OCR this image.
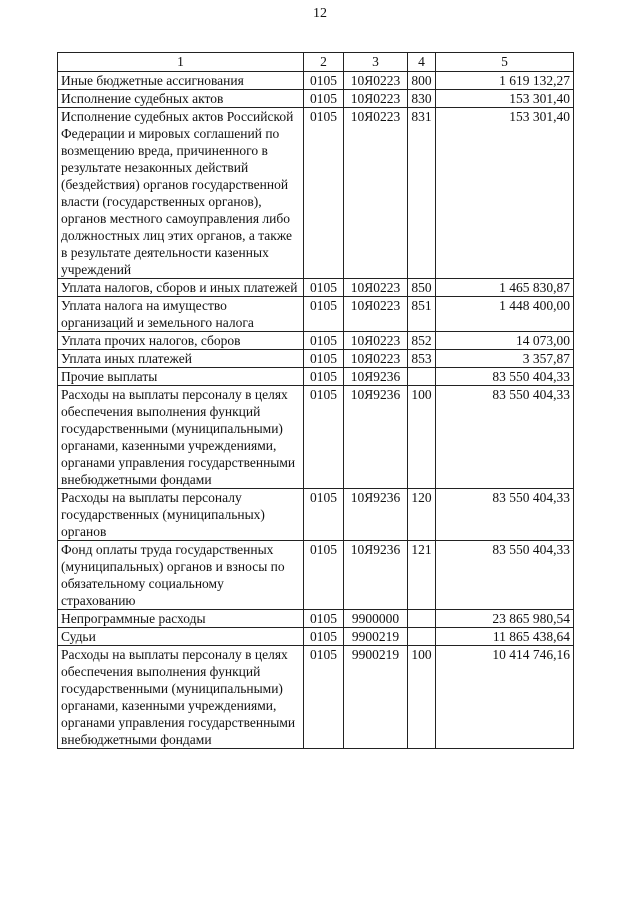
12
1	2	3	4	5
Иные бюджетные ассигнования	0105	10Я0223	800	1 619 132,27
Исполнение судебных актов	0105	10Я0223	830	153 301,40
Исполнение судебных актов Российской Федерации и мировых соглашений по возмещению вреда, причиненного в результате незаконных действий (бездействия) органов государственной власти (государственных органов), органов местного самоуправления либо должностных лиц этих органов, а также в результате деятельности казенных учреждений	0105	10Я0223	831	153 301,40
Уплата налогов, сборов и иных платежей	0105	10Я0223	850	1 465 830,87
Уплата налога на имущество организаций и земельного налога	0105	10Я0223	851	1 448 400,00
Уплата прочих налогов, сборов	0105	10Я0223	852	14 073,00
Уплата иных платежей	0105	10Я0223	853	3 357,87
Прочие выплаты	0105	10Я9236		83 550 404,33
Расходы на выплаты персоналу в целях обеспечения выполнения функций государственными (муниципальными) органами, казенными учреждениями, органами управления государственными внебюджетными фондами	0105	10Я9236	100	83 550 404,33
Расходы на выплаты персоналу государственных (муниципальных) органов	0105	10Я9236	120	83 550 404,33
Фонд оплаты труда государственных (муниципальных) органов и взносы по обязательному социальному страхованию	0105	10Я9236	121	83 550 404,33
Непрограммные расходы	0105	9900000		23 865 980,54
Судьи	0105	9900219		11 865 438,64
Расходы на выплаты персоналу в целях обеспечения выполнения функций государственными (муниципальными) органами, казенными учреждениями, органами управления государственными внебюджетными фондами	0105	9900219	100	10 414 746,16
